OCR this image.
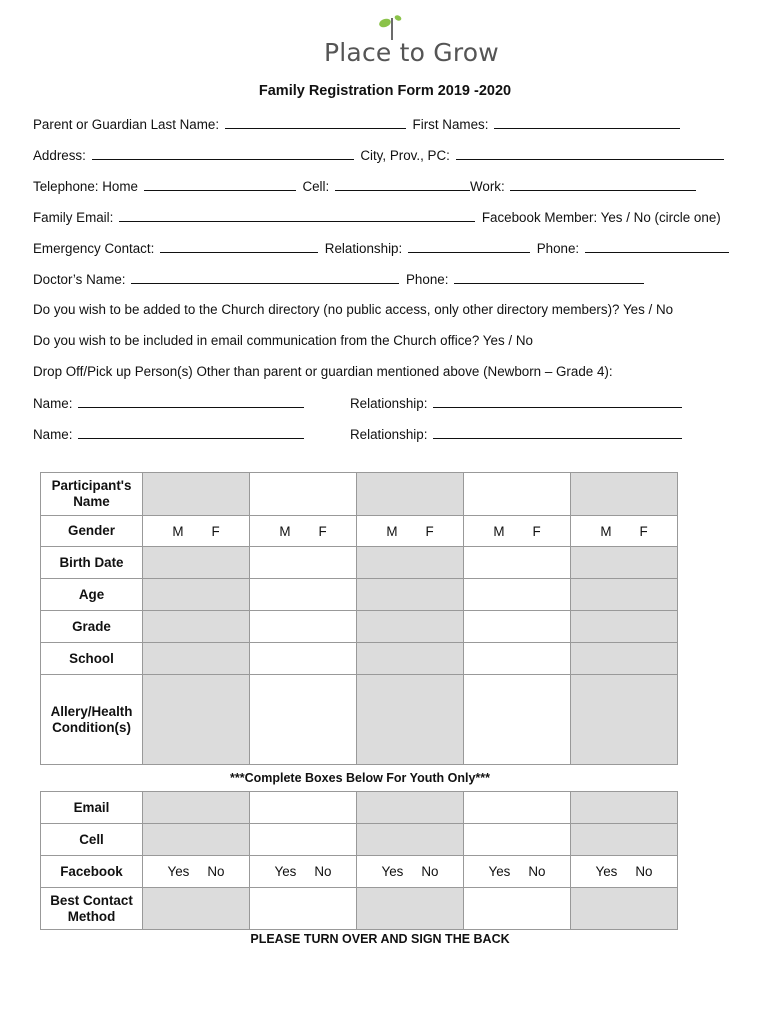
Place to Grow
Family Registration Form 2019 -2020
Parent or Guardian Last Name:	First Names:
Address:	City, Prov., PC:
Telephone: Home	Cell:	Work:
Family Email:	Facebook Member: Yes / No (circle one)
Emergency Contact:	Relationship:	Phone:
Doctor’s Name:	Phone:
Do you wish to be added to the Church directory (no public access, only other directory members)? Yes / No
Do you wish to be included in email communication from the Church office? Yes / No
Drop Off/Pick up Person(s) Other than parent or guardian mentioned above (Newborn – Grade 4):
Name:	Relationship:
Name:	Relationship:
Participant's Name					
Gender	M F	M F	M F	M F	M F

Birth Date					
Age					
Grade					
School					
Allery/Health Condition(s)					
***Complete Boxes Below For Youth Only***
Email					
Cell					
Facebook	Yes No	Yes No	Yes No	Yes No	Yes No

Best Contact Method					
PLEASE TURN OVER AND SIGN THE BACK
